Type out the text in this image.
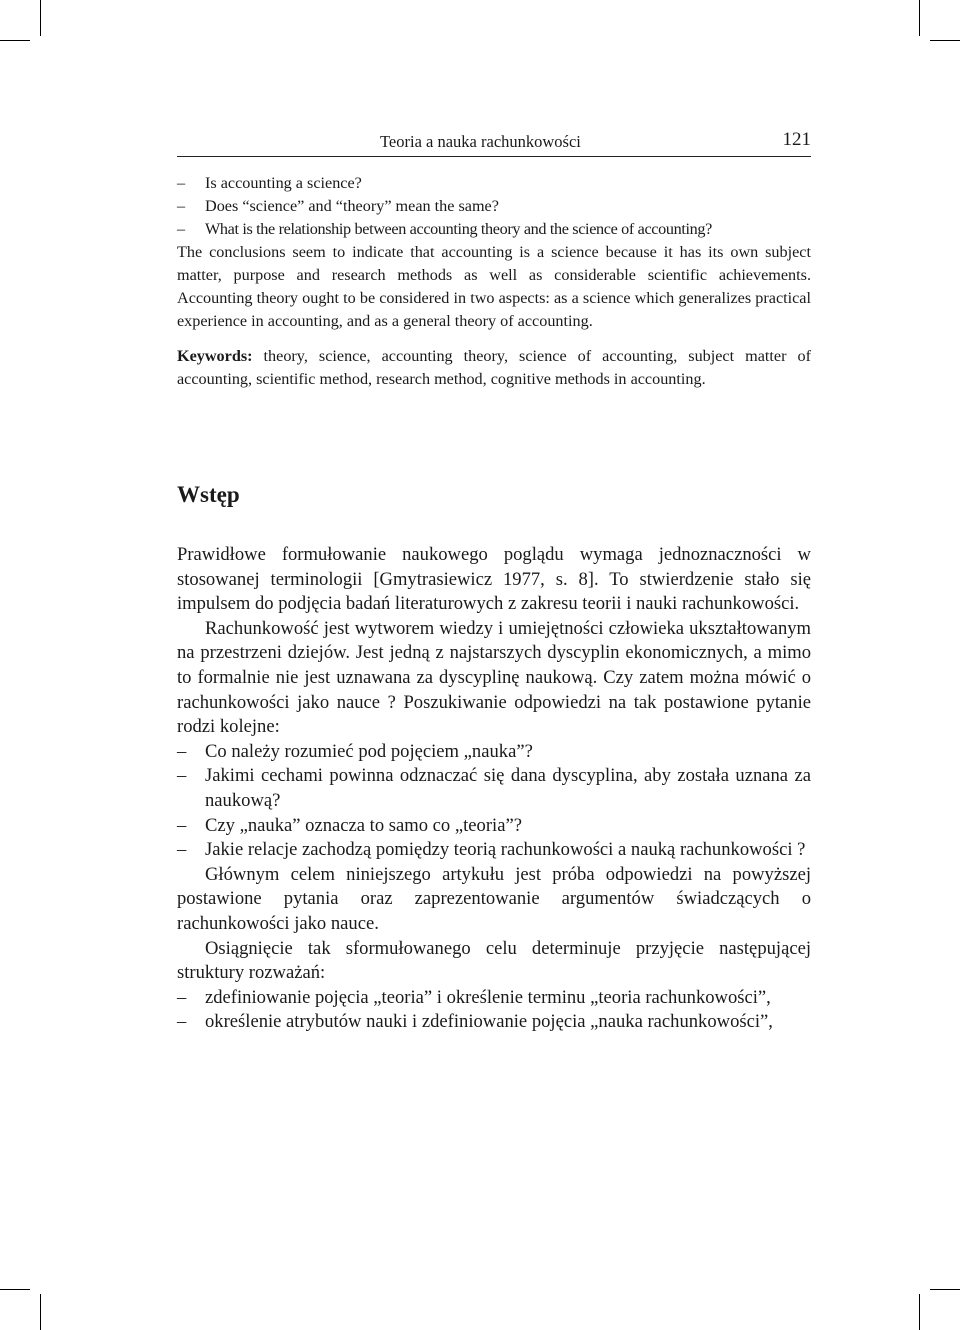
Teoria a nauka rachunkowości	121
– Is accounting a science?
– Does “science” and “theory” mean the same?
– What is the relationship between accounting theory and the science of accounting?

The conclusions seem to indicate that accounting is a science because it has its own subject matter, purpose and research methods as well as considerable scientific achievements. Accounting theory ought to be considered in two aspects: as a science which generalizes practical experience in accounting, and as a general theory of accounting.

Keywords: theory, science, accounting theory, science of accounting, subject matter of accounting, scientific method, research method, cognitive methods in accounting.

Wstęp

Prawidłowe formułowanie naukowego poglądu wymaga jednoznaczności w stosowanej terminologii [Gmytrasiewicz 1977, s. 8]. To stwierdzenie stało się impulsem do podjęcia badań literaturowych z zakresu teorii i nauki rachunkowości.

Rachunkowość jest wytworem wiedzy i umiejętności człowieka ukształtowanym na przestrzeni dziejów. Jest jedną z najstarszych dyscyplin ekonomicznych, a mimo to formalnie nie jest uznawana za dyscyplinę naukową. Czy zatem można mówić o rachunkowości jako nauce ? Poszukiwanie odpowiedzi na tak postawione pytanie rodzi kolejne:

– Co należy rozumieć pod pojęciem „nauka”?
– Jakimi cechami powinna odznaczać się dana dyscyplina, aby została uznana za naukową?
– Czy „nauka” oznacza to samo co „teoria”?
– Jakie relacje zachodzą pomiędzy teorią rachunkowości a nauką rachunkowości ?

Głównym celem niniejszego artykułu jest próba odpowiedzi na powyższej postawione pytania oraz zaprezentowanie argumentów świadczących o rachunkowości jako nauce.

Osiągnięcie tak sformułowanego celu determinuje przyjęcie następującej struktury rozważań:

– zdefiniowanie pojęcia „teoria” i określenie terminu „teoria rachunkowości”,
– określenie atrybutów nauki i zdefiniowanie pojęcia „nauka rachunkowości”,
